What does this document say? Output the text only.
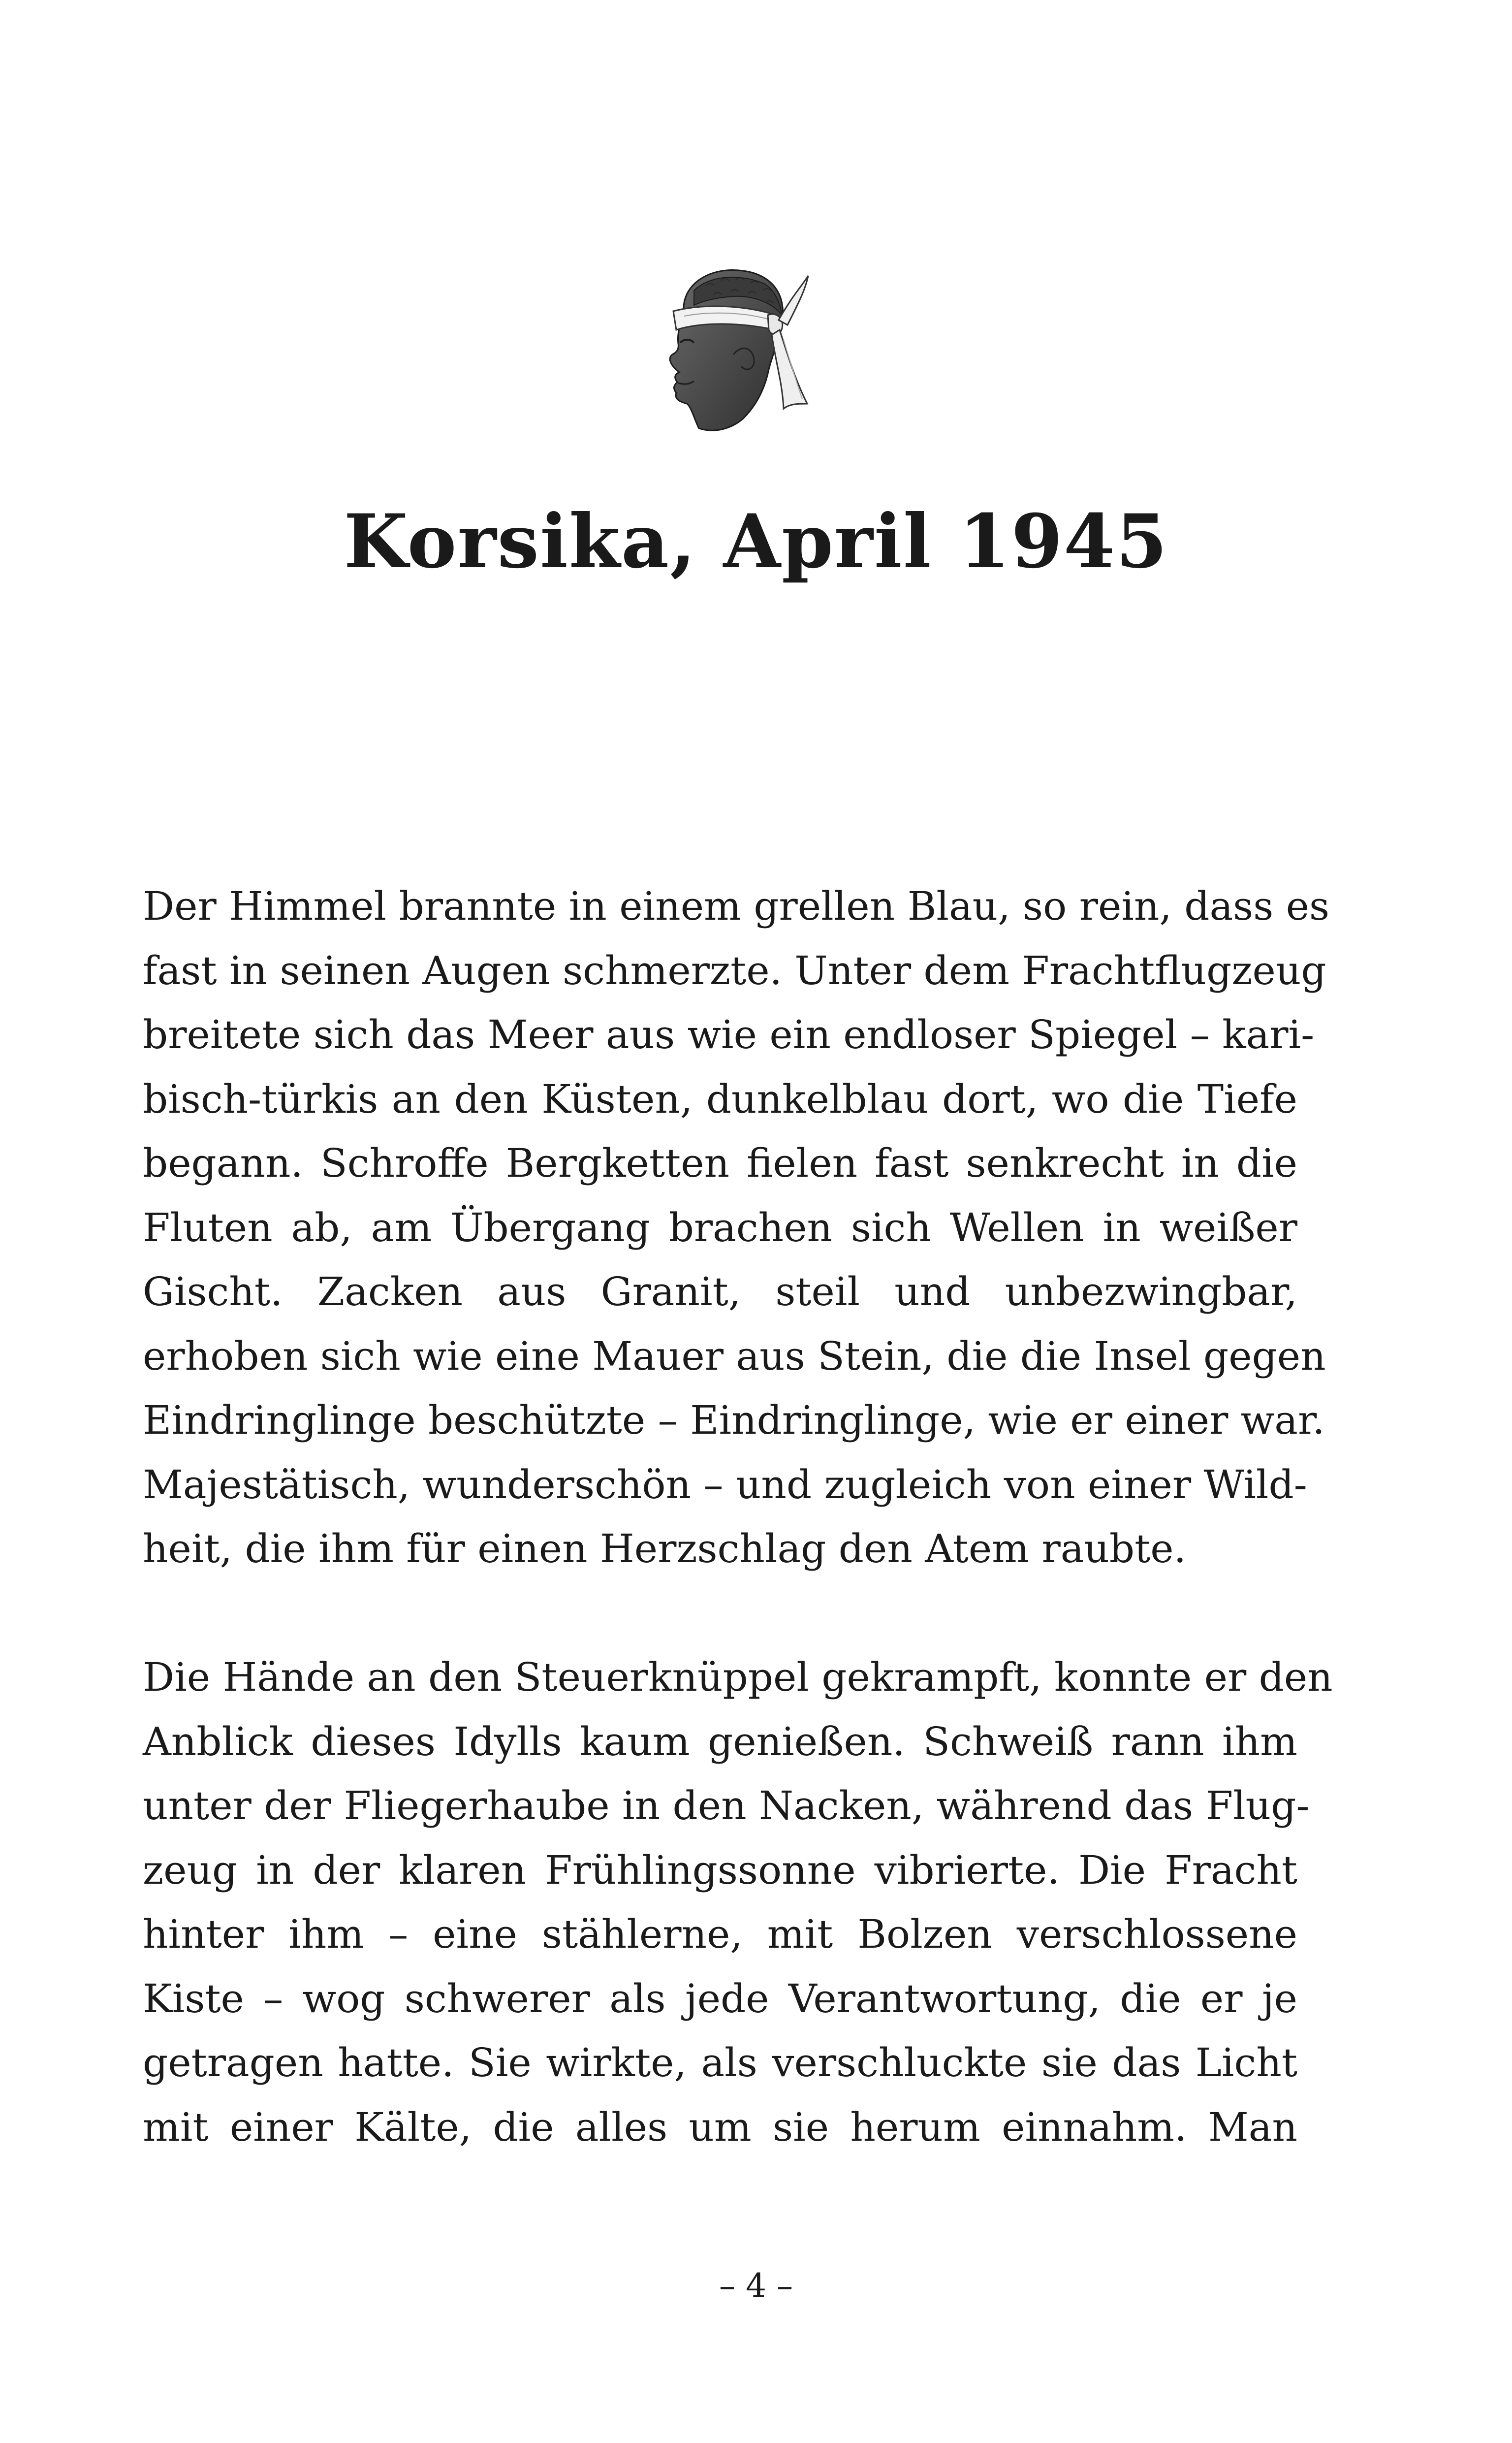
Korsika, April 1945
Der Himmel brannte in einem grellen Blau, so rein, dass es
fast in seinen Augen schmerzte. Unter dem Frachtflugzeug
breitete sich das Meer aus wie ein endloser Spiegel – kari-
bisch-türkis an den Küsten, dunkelblau dort, wo die Tiefe
begann. Schroffe Bergketten fielen fast senkrecht in die
Fluten ab, am Übergang brachen sich Wellen in weißer
Gischt. Zacken aus Granit, steil und unbezwingbar,
erhoben sich wie eine Mauer aus Stein, die die Insel gegen
Eindringlinge beschützte – Eindringlinge, wie er einer war.
Majestätisch, wunderschön – und zugleich von einer Wild-
heit, die ihm für einen Herzschlag den Atem raubte.
Die Hände an den Steuerknüppel gekrampft, konnte er den
Anblick dieses Idylls kaum genießen. Schweiß rann ihm
unter der Fliegerhaube in den Nacken, während das Flug-
zeug in der klaren Frühlingssonne vibrierte. Die Fracht
hinter ihm – eine stählerne, mit Bolzen verschlossene
Kiste – wog schwerer als jede Verantwortung, die er je
getragen hatte. Sie wirkte, als verschluckte sie das Licht
mit einer Kälte, die alles um sie herum einnahm. Man
– 4 –
